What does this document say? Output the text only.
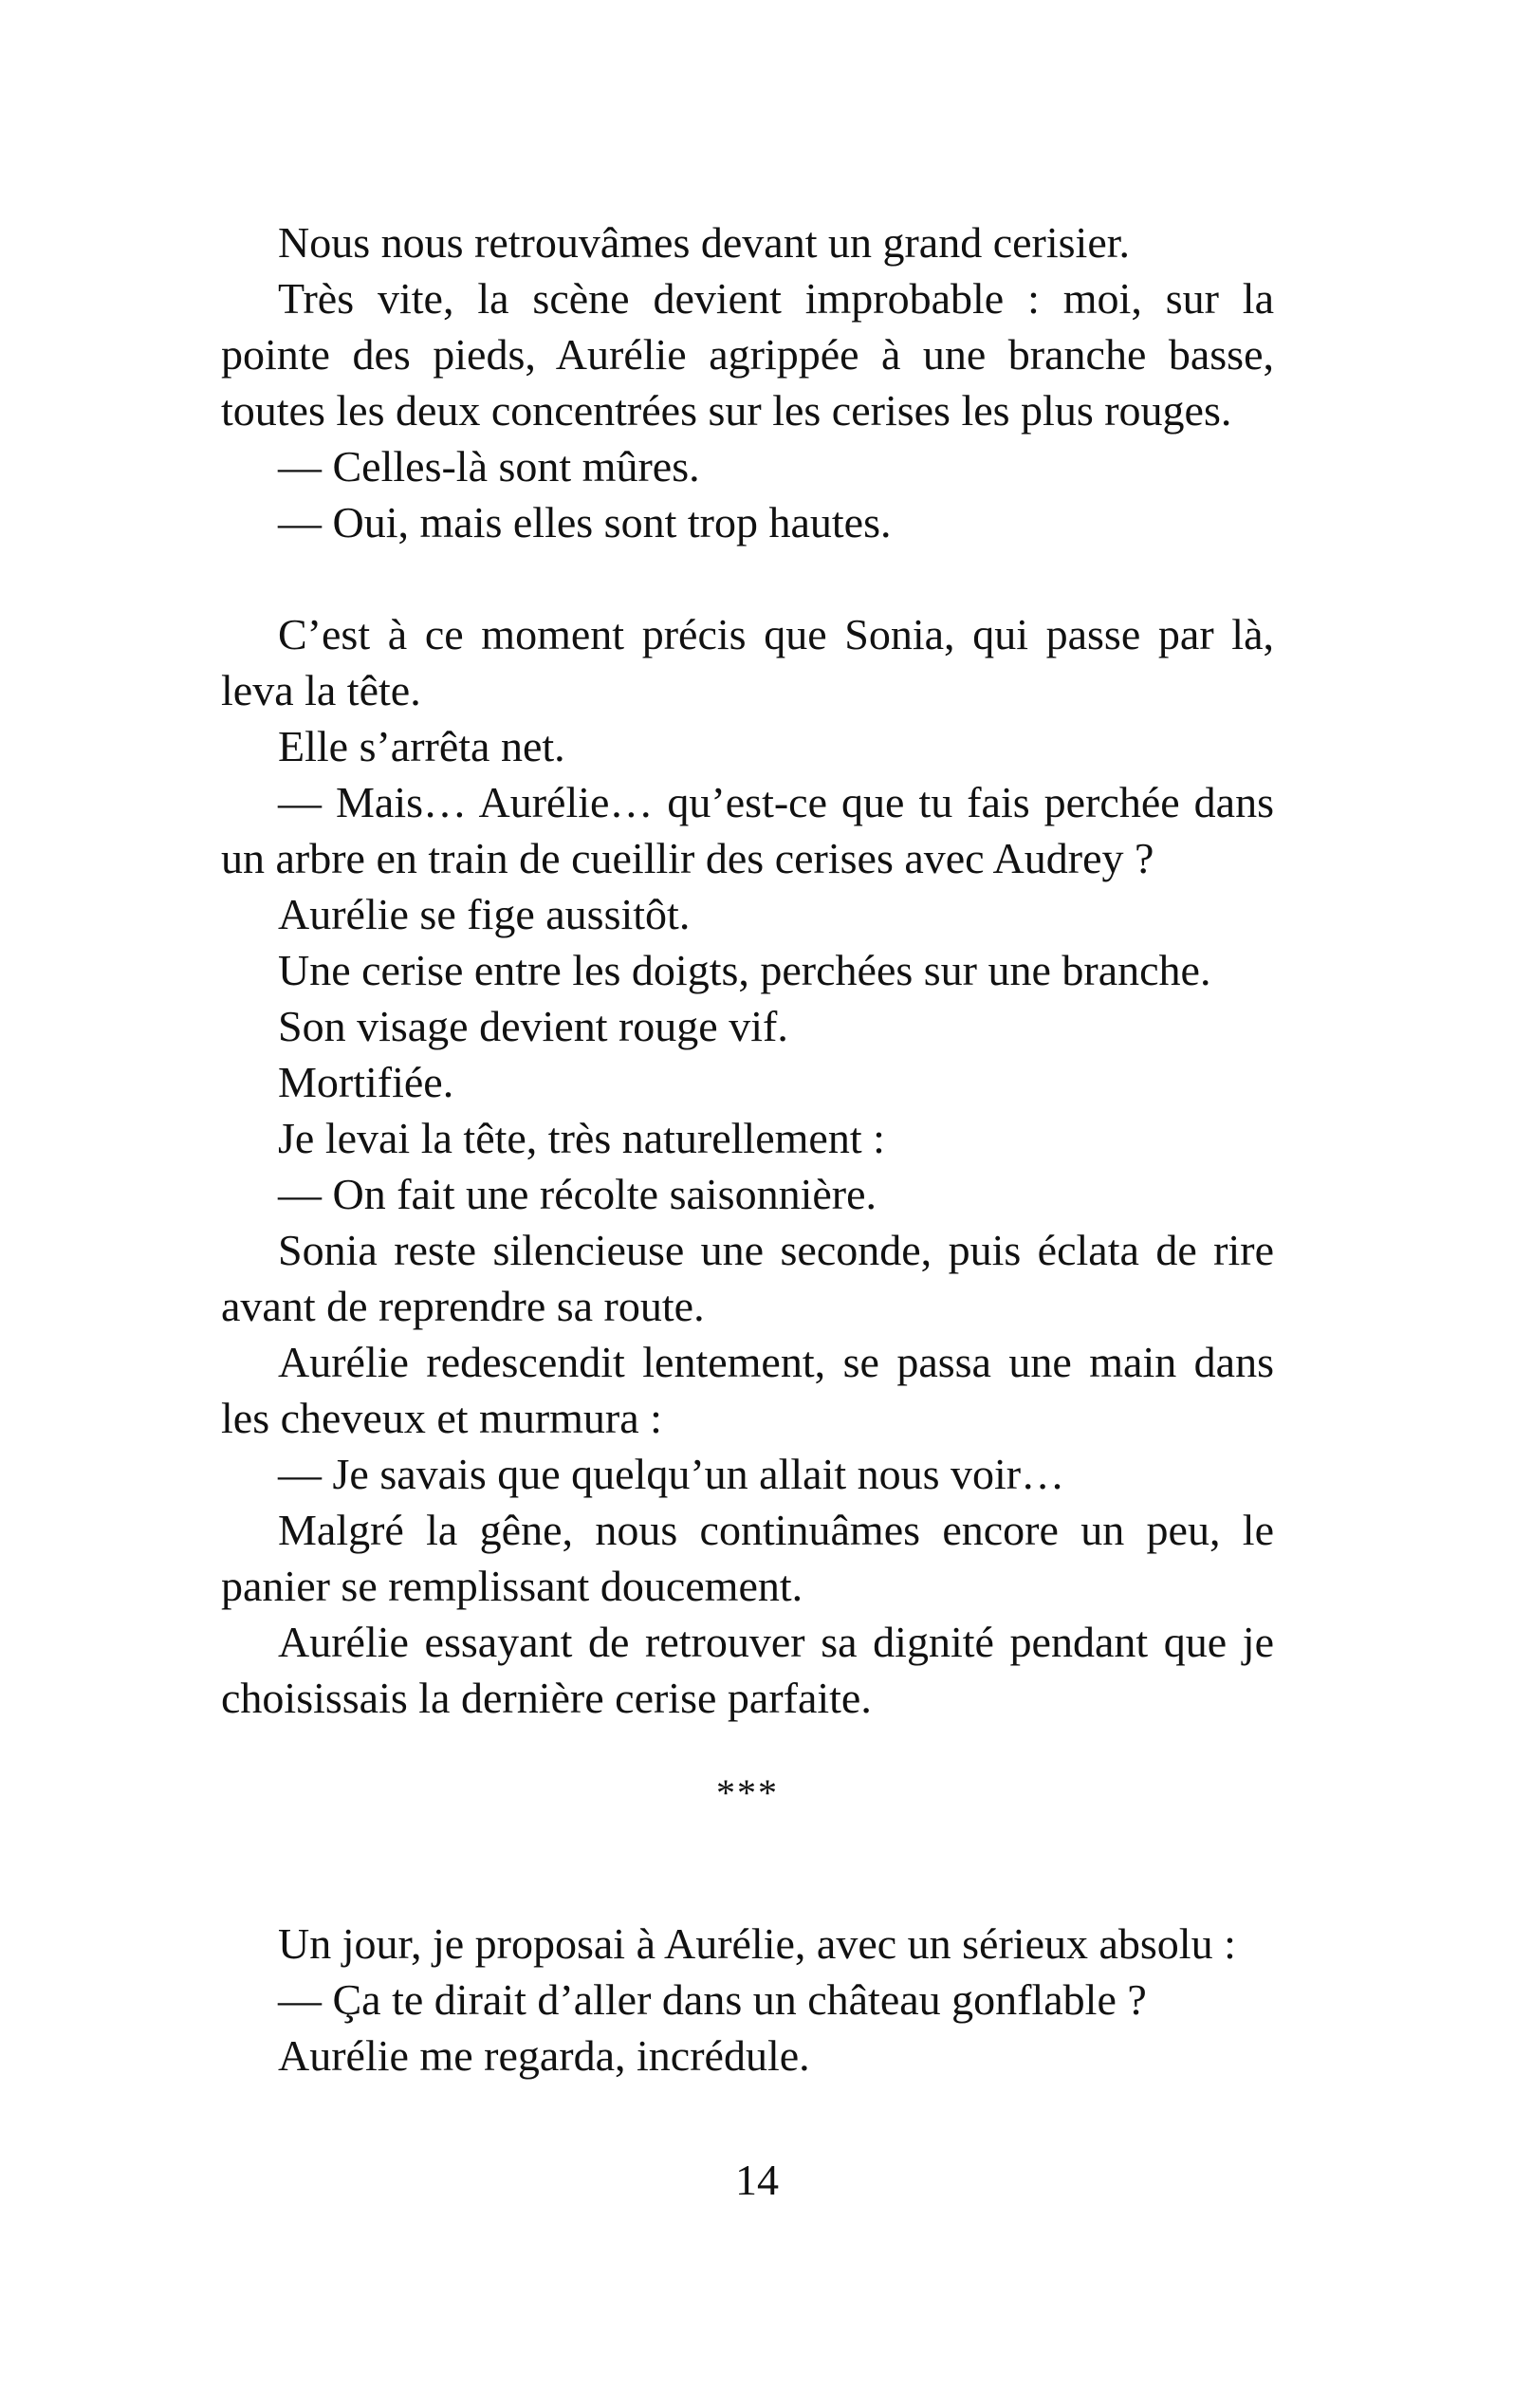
Nous nous retrouvâmes devant un grand cerisier.

Très vite, la scène devient improbable : moi, sur la pointe des pieds, Aurélie agrippée à une branche basse, toutes les deux concentrées sur les cerises les plus rouges.

— Celles-là sont mûres.

— Oui, mais elles sont trop hautes.

C’est à ce moment précis que Sonia, qui passe par là, leva la tête.

Elle s’arrêta net.

— Mais… Aurélie… qu’est-ce que tu fais perchée dans un arbre en train de cueillir des cerises avec Audrey ?

Aurélie se fige aussitôt.

Une cerise entre les doigts, perchées sur une branche.

Son visage devient rouge vif.

Mortifiée.

Je levai la tête, très naturellement :

— On fait une récolte saisonnière.

Sonia reste silencieuse une seconde, puis éclata de rire avant de reprendre sa route.

Aurélie redescendit lentement, se passa une main dans les cheveux et murmura :

— Je savais que quelqu’un allait nous voir…

Malgré la gêne, nous continuâmes encore un peu, le panier se remplissant doucement.

Aurélie essayant de retrouver sa dignité pendant que je choisissais la dernière cerise parfaite.

***

Un jour, je proposai à Aurélie, avec un sérieux absolu :

— Ça te dirait d’aller dans un château gonflable ?

Aurélie me regarda, incrédule.

14
